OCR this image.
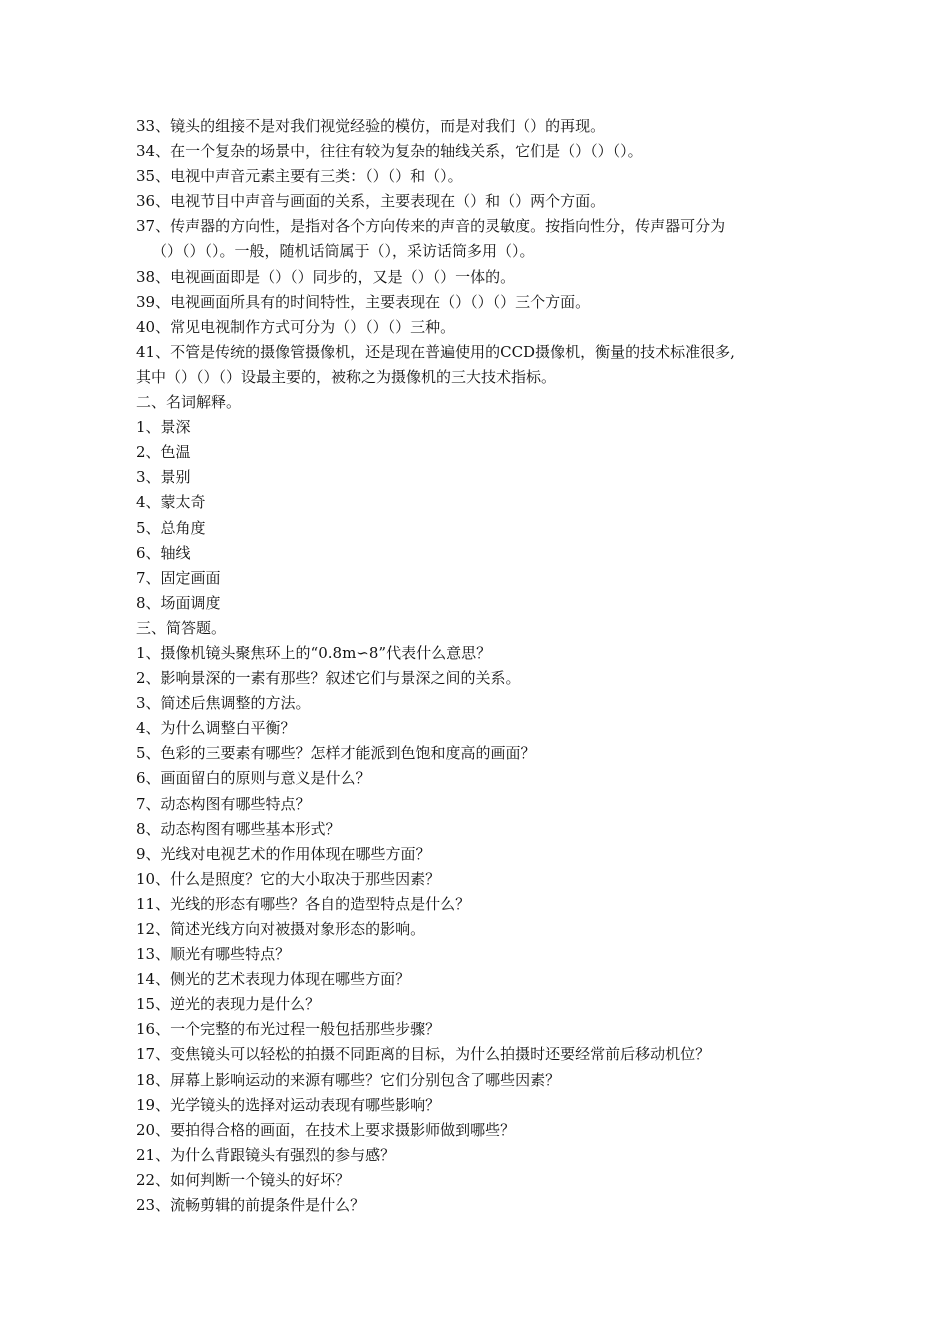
33、镜头的组接不是对我们视觉经验的模仿，而是对我们（）的再现。
34、在一个复杂的场景中，往往有较为复杂的轴线关系，它们是（）（）（）。
35、电视中声音元素主要有三类：（）（）和（）。
36、电视节目中声音与画面的关系，主要表现在（）和（）两个方面。
37、传声器的方向性，是指对各个方向传来的声音的灵敏度。按指向性分，传声器可分为
（）（）（）。一般，随机话筒属于（），采访话筒多用（）。
38、电视画面即是（）（）同步的，又是（）（）一体的。
39、电视画面所具有的时间特性，主要表现在（）（）（）三个方面。
40、常见电视制作方式可分为（）（）（）三种。
41、不管是传统的摄像管摄像机，还是现在普遍使用的CCD摄像机，衡量的技术标准很多,
其中（）（）（）设最主要的，被称之为摄像机的三大技术指标。
二、名词解释。
1、景深
2、色温
3、景别
4、蒙太奇
5、总角度
6、轴线
7、固定画面
8、场面调度
三、简答题。
1、摄像机镜头聚焦环上的“0.8m∽8”代表什么意思？
2、影响景深的一素有那些？叙述它们与景深之间的关系。
3、简述后焦调整的方法。
4、为什么调整白平衡？
5、色彩的三要素有哪些？怎样才能派到色饱和度高的画面？
6、画面留白的原则与意义是什么？
7、动态构图有哪些特点？
8、动态构图有哪些基本形式？
9、光线对电视艺术的作用体现在哪些方面？
10、什么是照度？它的大小取决于那些因素？
11、光线的形态有哪些？各自的造型特点是什么？
12、简述光线方向对被摄对象形态的影响。
13、顺光有哪些特点？
14、侧光的艺术表现力体现在哪些方面？
15、逆光的表现力是什么？
16、一个完整的布光过程一般包括那些步骤？
17、变焦镜头可以轻松的拍摄不同距离的目标，为什么拍摄时还要经常前后移动机位？
18、屏幕上影响运动的来源有哪些？它们分别包含了哪些因素？
19、光学镜头的选择对运动表现有哪些影响？
20、要拍得合格的画面，在技术上要求摄影师做到哪些？
21、为什么背跟镜头有强烈的参与感？
22、如何判断一个镜头的好坏？
23、流畅剪辑的前提条件是什么？
